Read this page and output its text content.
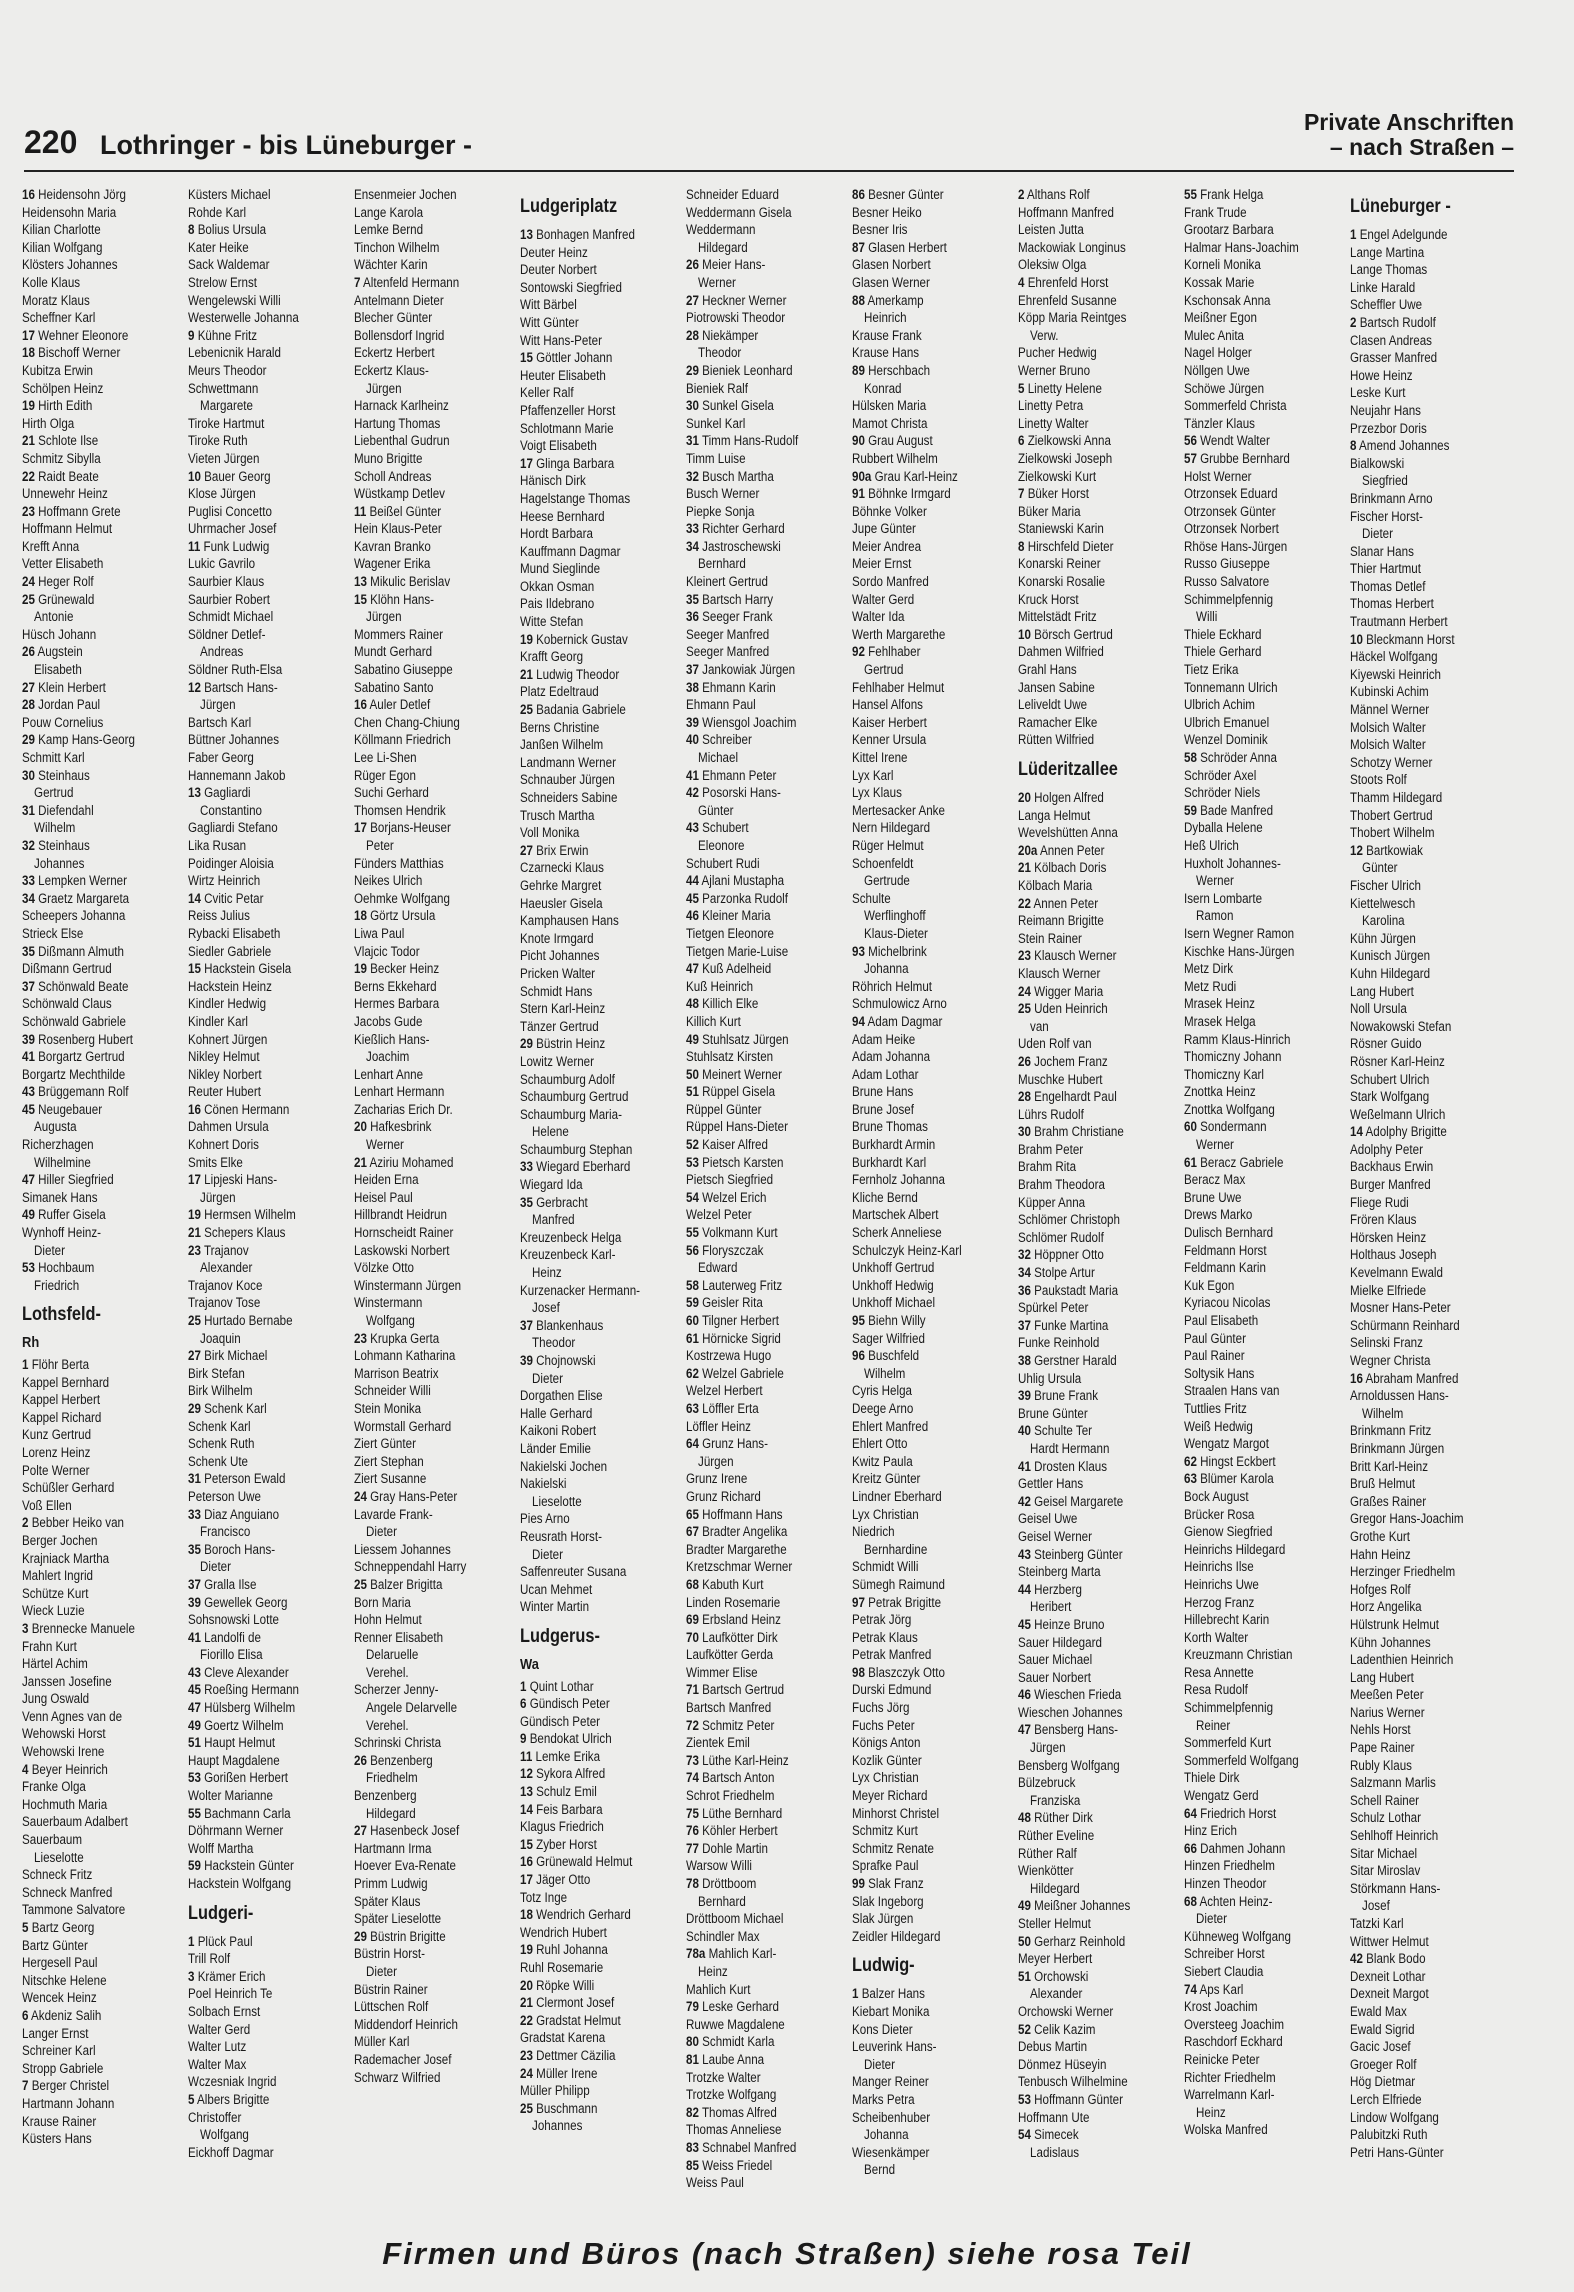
220 Lothringer - bis Lüneburger -
Private Anschriften
– nach Straßen –
16 Heidensohn Jörg
Heidensohn Maria
Kilian Charlotte
Kilian Wolfgang
Klösters Johannes
Kolle Klaus
Moratz Klaus
Scheffner Karl
17 Wehner Eleonore
18 Bischoff Werner
Kubitza Erwin
Schölpen Heinz
19 Hirth Edith
Hirth Olga
21 Schlote Ilse
Schmitz Sibylla
22 Raidt Beate
Unnewehr Heinz
23 Hoffmann Grete
Hoffmann Helmut
Krefft Anna
Vetter Elisabeth
24 Heger Rolf
25 Grünewald
Antonie
Hüsch Johann
26 Augstein
Elisabeth
27 Klein Herbert
28 Jordan Paul
Pouw Cornelius
29 Kamp Hans-Georg
Schmitt Karl
30 Steinhaus
Gertrud
31 Diefendahl
Wilhelm
32 Steinhaus
Johannes
33 Lempken Werner
34 Graetz Margareta
Scheepers Johanna
Strieck Else
35 Dißmann Almuth
Dißmann Gertrud
37 Schönwald Beate
Schönwald Claus
Schönwald Gabriele
39 Rosenberg Hubert
41 Borgartz Gertrud
Borgartz Mechthilde
43 Brüggemann Rolf
45 Neugebauer
Augusta
Richerzhagen
Wilhelmine
47 Hiller Siegfried
Simanek Hans
49 Ruffer Gisela
Wynhoff Heinz-
Dieter
53 Hochbaum
Friedrich
Lothsfeld-
Rh
1 Flöhr Berta
Kappel Bernhard
Kappel Herbert
Kappel Richard
Kunz Gertrud
Lorenz Heinz
Polte Werner
Schüßler Gerhard
Voß Ellen
2 Bebber Heiko van
Berger Jochen
Krajniack Martha
Mahlert Ingrid
Schütze Kurt
Wieck Luzie
3 Brennecke Manuele
Frahn Kurt
Härtel Achim
Janssen Josefine
Jung Oswald
Venn Agnes van de
Wehowski Horst
Wehowski Irene
4 Beyer Heinrich
Franke Olga
Hochmuth Maria
Sauerbaum Adalbert
Sauerbaum
Lieselotte
Schneck Fritz
Schneck Manfred
Tammone Salvatore
5 Bartz Georg
Bartz Günter
Hergesell Paul
Nitschke Helene
Wencek Heinz
6 Akdeniz Salih
Langer Ernst
Schreiner Karl
Stropp Gabriele
7 Berger Christel
Hartmann Johann
Krause Rainer
Küsters Hans
Küsters Michael
Rohde Karl
8 Bolius Ursula
Kater Heike
Sack Waldemar
Strelow Ernst
Wengelewski Willi
Westerwelle Johanna
9 Kühne Fritz
Lebenicnik Harald
Meurs Theodor
Schwettmann
Margarete
Tiroke Hartmut
Tiroke Ruth
Vieten Jürgen
10 Bauer Georg
Klose Jürgen
Puglisi Concetto
Uhrmacher Josef
11 Funk Ludwig
Lukic Gavrilo
Saurbier Klaus
Saurbier Robert
Schmidt Michael
Söldner Detlef-
Andreas
Söldner Ruth-Elsa
12 Bartsch Hans-
Jürgen
Bartsch Karl
Büttner Johannes
Faber Georg
Hannemann Jakob
13 Gagliardi
Constantino
Gagliardi Stefano
Lika Rusan
Poidinger Aloisia
Wirtz Heinrich
14 Cvitic Petar
Reiss Julius
Rybacki Elisabeth
Siedler Gabriele
15 Hackstein Gisela
Hackstein Heinz
Kindler Hedwig
Kindler Karl
Kohnert Jürgen
Nikley Helmut
Nikley Norbert
Reuter Hubert
16 Cönen Hermann
Dahmen Ursula
Kohnert Doris
Smits Elke
17 Lipjeski Hans-
Jürgen
19 Hermsen Wilhelm
21 Schepers Klaus
23 Trajanov
Alexander
Trajanov Koce
Trajanov Tose
25 Hurtado Bernabe
Joaquin
27 Birk Michael
Birk Stefan
Birk Wilhelm
29 Schenk Karl
Schenk Karl
Schenk Ruth
Schenk Ute
31 Peterson Ewald
Peterson Uwe
33 Diaz Anguiano
Francisco
35 Boroch Hans-
Dieter
37 Gralla Ilse
39 Gewellek Georg
Sohsnowski Lotte
41 Landolfi de
Fiorillo Elisa
43 Cleve Alexander
45 Roeßing Hermann
47 Hülsberg Wilhelm
49 Goertz Wilhelm
51 Haupt Helmut
Haupt Magdalene
53 Gorißen Herbert
Wolter Marianne
55 Bachmann Carla
Döhrmann Werner
Wolff Martha
59 Hackstein Günter
Hackstein Wolfgang
Ludgeri-
1 Plück Paul
Trill Rolf
3 Krämer Erich
Poel Heinrich Te
Solbach Ernst
Walter Gerd
Walter Lutz
Walter Max
Wczesniak Ingrid
5 Albers Brigitte
Christoffer
Wolfgang
Eickhoff Dagmar
Ensenmeier Jochen
Lange Karola
Lemke Bernd
Tinchon Wilhelm
Wächter Karin
7 Altenfeld Hermann
Antelmann Dieter
Blecher Günter
Bollensdorf Ingrid
Eckertz Herbert
Eckertz Klaus-
Jürgen
Harnack Karlheinz
Hartung Thomas
Liebenthal Gudrun
Muno Brigitte
Scholl Andreas
Wüstkamp Detlev
11 Beißel Günter
Hein Klaus-Peter
Kavran Branko
Wagener Erika
13 Mikulic Berislav
15 Klöhn Hans-
Jürgen
Mommers Rainer
Mundt Gerhard
Sabatino Giuseppe
Sabatino Santo
16 Auler Detlef
Chen Chang-Chiung
Köllmann Friedrich
Lee Li-Shen
Rüger Egon
Suchi Gerhard
Thomsen Hendrik
17 Borjans-Heuser
Peter
Fünders Matthias
Neikes Ulrich
Oehmke Wolfgang
18 Görtz Ursula
Liwa Paul
Vlajcic Todor
19 Becker Heinz
Berns Ekkehard
Hermes Barbara
Jacobs Gude
Kießlich Hans-
Joachim
Lenhart Anne
Lenhart Hermann
Zacharias Erich Dr.
20 Hafkesbrink
Werner
21 Aziriu Mohamed
Heiden Erna
Heisel Paul
Hillbrandt Heidrun
Hornscheidt Rainer
Laskowski Norbert
Völzke Otto
Winstermann Jürgen
Winstermann
Wolfgang
23 Krupka Gerta
Lohmann Katharina
Marrison Beatrix
Schneider Willi
Stein Monika
Wormstall Gerhard
Ziert Günter
Ziert Stephan
Ziert Susanne
24 Gray Hans-Peter
Lavarde Frank-
Dieter
Liessem Johannes
Schneppendahl Harry
25 Balzer Brigitta
Born Maria
Hohn Helmut
Renner Elisabeth
Delaruelle
Verehel.
Scherzer Jenny-
Angele Delarvelle
Verehel.
Schrinski Christa
26 Benzenberg
Friedhelm
Benzenberg
Hildegard
27 Hasenbeck Josef
Hartmann Irma
Hoever Eva-Renate
Primm Ludwig
Später Klaus
Später Lieselotte
29 Büstrin Brigitte
Büstrin Horst-
Dieter
Büstrin Rainer
Lüttschen Rolf
Middendorf Heinrich
Müller Karl
Rademacher Josef
Schwarz Wilfried
Ludgeriplatz
13 Bonhagen Manfred
Deuter Heinz
Deuter Norbert
Sontowski Siegfried
Witt Bärbel
Witt Günter
Witt Hans-Peter
15 Göttler Johann
Heuter Elisabeth
Keller Ralf
Pfaffenzeller Horst
Schlotmann Marie
Voigt Elisabeth
17 Glinga Barbara
Hänisch Dirk
Hagelstange Thomas
Heese Bernhard
Hordt Barbara
Kauffmann Dagmar
Mund Sieglinde
Okkan Osman
Pais Ildebrano
Witte Stefan
19 Kobernick Gustav
Krafft Georg
21 Ludwig Theodor
Platz Edeltraud
25 Badania Gabriele
Berns Christine
Janßen Wilhelm
Landmann Werner
Schnauber Jürgen
Schneiders Sabine
Trusch Martha
Voll Monika
27 Brix Erwin
Czarnecki Klaus
Gehrke Margret
Haeusler Gisela
Kamphausen Hans
Knote Irmgard
Picht Johannes
Pricken Walter
Schmidt Hans
Stern Karl-Heinz
Tänzer Gertrud
29 Büstrin Heinz
Lowitz Werner
Schaumburg Adolf
Schaumburg Gertrud
Schaumburg Maria-
Helene
Schaumburg Stephan
33 Wiegard Eberhard
Wiegard Ida
35 Gerbracht
Manfred
Kreuzenbeck Helga
Kreuzenbeck Karl-
Heinz
Kurzenacker Hermann-
Josef
37 Blankenhaus
Theodor
39 Chojnowski
Dieter
Dorgathen Elise
Halle Gerhard
Kaikoni Robert
Länder Emilie
Nakielski Jochen
Nakielski
Lieselotte
Pies Arno
Reusrath Horst-
Dieter
Saffenreuter Susana
Ucan Mehmet
Winter Martin
Ludgerus-
Wa
1 Quint Lothar
6 Gündisch Peter
Gündisch Peter
9 Bendokat Ulrich
11 Lemke Erika
12 Sykora Alfred
13 Schulz Emil
14 Feis Barbara
Klagus Friedrich
15 Zyber Horst
16 Grünewald Helmut
17 Jäger Otto
Totz Inge
18 Wendrich Gerhard
Wendrich Hubert
19 Ruhl Johanna
Ruhl Rosemarie
20 Röpke Willi
21 Clermont Josef
22 Gradstat Helmut
Gradstat Karena
23 Dettmer Cäzilia
24 Müller Irene
Müller Philipp
25 Buschmann
Johannes
Schneider Eduard
Weddermann Gisela
Weddermann
Hildegard
26 Meier Hans-
Werner
27 Heckner Werner
Piotrowski Theodor
28 Niekämper
Theodor
29 Bieniek Leonhard
Bieniek Ralf
30 Sunkel Gisela
Sunkel Karl
31 Timm Hans-Rudolf
Timm Luise
32 Busch Martha
Busch Werner
Piepke Sonja
33 Richter Gerhard
34 Jastroschewski
Bernhard
Kleinert Gertrud
35 Bartsch Harry
36 Seeger Frank
Seeger Manfred
Seeger Manfred
37 Jankowiak Jürgen
38 Ehmann Karin
Ehmann Paul
39 Wiensgol Joachim
40 Schreiber
Michael
41 Ehmann Peter
42 Posorski Hans-
Günter
43 Schubert
Eleonore
Schubert Rudi
44 Ajlani Mustapha
45 Parzonka Rudolf
46 Kleiner Maria
Tietgen Eleonore
Tietgen Marie-Luise
47 Kuß Adelheid
Kuß Heinrich
48 Killich Elke
Killich Kurt
49 Stuhlsatz Jürgen
Stuhlsatz Kirsten
50 Meinert Werner
51 Rüppel Gisela
Rüppel Günter
Rüppel Hans-Dieter
52 Kaiser Alfred
53 Pietsch Karsten
Pietsch Siegfried
54 Welzel Erich
Welzel Peter
55 Volkmann Kurt
56 Floryszczak
Edward
58 Lauterweg Fritz
59 Geisler Rita
60 Tilgner Herbert
61 Hörnicke Sigrid
Kostrzewa Hugo
62 Welzel Gabriele
Welzel Herbert
63 Löffler Erta
Löffler Heinz
64 Grunz Hans-
Jürgen
Grunz Irene
Grunz Richard
65 Hoffmann Hans
67 Bradter Angelika
Bradter Margarethe
Kretzschmar Werner
68 Kabuth Kurt
Linden Rosemarie
69 Erbsland Heinz
70 Laufkötter Dirk
Laufkötter Gerda
Wimmer Elise
71 Bartsch Gertrud
Bartsch Manfred
72 Schmitz Peter
Zientek Emil
73 Lüthe Karl-Heinz
74 Bartsch Anton
Schrot Friedhelm
75 Lüthe Bernhard
76 Köhler Herbert
77 Dohle Martin
Warsow Willi
78 Dröttboom
Bernhard
Dröttboom Michael
Schindler Max
78a Mahlich Karl-
Heinz
Mahlich Kurt
79 Leske Gerhard
Ruwwe Magdalene
80 Schmidt Karla
81 Laube Anna
Trotzke Walter
Trotzke Wolfgang
82 Thomas Alfred
Thomas Anneliese
83 Schnabel Manfred
85 Weiss Friedel
Weiss Paul
86 Besner Günter
Besner Heiko
Besner Iris
87 Glasen Herbert
Glasen Norbert
Glasen Werner
88 Amerkamp
Heinrich
Krause Frank
Krause Hans
89 Herschbach
Konrad
Hülsken Maria
Mamot Christa
90 Grau August
Rubbert Wilhelm
90a Grau Karl-Heinz
91 Böhnke Irmgard
Böhnke Volker
Jupe Günter
Meier Andrea
Meier Ernst
Sordo Manfred
Walter Gerd
Walter Ida
Werth Margarethe
92 Fehlhaber
Gertrud
Fehlhaber Helmut
Hansel Alfons
Kaiser Herbert
Kenner Ursula
Kittel Irene
Lyx Karl
Lyx Klaus
Mertesacker Anke
Nern Hildegard
Rüger Helmut
Schoenfeldt
Gertrude
Schulte
Werflinghoff
Klaus-Dieter
93 Michelbrink
Johanna
Röhrich Helmut
Schmulowicz Arno
94 Adam Dagmar
Adam Heike
Adam Johanna
Adam Lothar
Brune Hans
Brune Josef
Brune Thomas
Burkhardt Armin
Burkhardt Karl
Fernholz Johanna
Kliche Bernd
Martschek Albert
Scherk Anneliese
Schulczyk Heinz-Karl
Unkhoff Gertrud
Unkhoff Hedwig
Unkhoff Michael
95 Biehn Willy
Sager Wilfried
96 Buschfeld
Wilhelm
Cyris Helga
Deege Arno
Ehlert Manfred
Ehlert Otto
Kwitz Paula
Kreitz Günter
Lindner Eberhard
Lyx Christian
Niedrich
Bernhardine
Schmidt Willi
Sümegh Raimund
97 Petrak Brigitte
Petrak Jörg
Petrak Klaus
Petrak Manfred
98 Blaszczyk Otto
Durski Edmund
Fuchs Jörg
Fuchs Peter
Königs Anton
Kozlik Günter
Lyx Christian
Meyer Richard
Minhorst Christel
Schmitz Kurt
Schmitz Renate
Sprafke Paul
99 Slak Franz
Slak Ingeborg
Slak Jürgen
Zeidler Hildegard
Ludwig-
1 Balzer Hans
Kiebart Monika
Kons Dieter
Leuverink Hans-
Dieter
Manger Reiner
Marks Petra
Scheibenhuber
Johanna
Wiesenkämper
Bernd
2 Althans Rolf
Hoffmann Manfred
Leisten Jutta
Mackowiak Longinus
Oleksiw Olga
4 Ehrenfeld Horst
Ehrenfeld Susanne
Köpp Maria Reintges
Verw.
Pucher Hedwig
Werner Bruno
5 Linetty Helene
Linetty Petra
Linetty Walter
6 Zielkowski Anna
Zielkowski Joseph
Zielkowski Kurt
7 Büker Horst
Büker Maria
Staniewski Karin
8 Hirschfeld Dieter
Konarski Reiner
Konarski Rosalie
Kruck Horst
Mittelstädt Fritz
10 Börsch Gertrud
Dahmen Wilfried
Grahl Hans
Jansen Sabine
Leliveldt Uwe
Ramacher Elke
Rütten Wilfried
Lüderitzallee
20 Holgen Alfred
Langa Helmut
Wevelshütten Anna
20a Annen Peter
21 Kölbach Doris
Kölbach Maria
22 Annen Peter
Reimann Brigitte
Stein Rainer
23 Klausch Werner
Klausch Werner
24 Wigger Maria
25 Uden Heinrich
van
Uden Rolf van
26 Jochem Franz
Muschke Hubert
28 Engelhardt Paul
Lührs Rudolf
30 Brahm Christiane
Brahm Peter
Brahm Rita
Brahm Theodora
Küpper Anna
Schlömer Christoph
Schlömer Rudolf
32 Höppner Otto
34 Stolpe Artur
36 Paukstadt Maria
Spürkel Peter
37 Funke Martina
Funke Reinhold
38 Gerstner Harald
Uhlig Ursula
39 Brune Frank
Brune Günter
40 Schulte Ter
Hardt Hermann
41 Drosten Klaus
Gettler Hans
42 Geisel Margarete
Geisel Uwe
Geisel Werner
43 Steinberg Günter
Steinberg Marta
44 Herzberg
Heribert
45 Heinze Bruno
Sauer Hildegard
Sauer Michael
Sauer Norbert
46 Wieschen Frieda
Wieschen Johannes
47 Bensberg Hans-
Jürgen
Bensberg Wolfgang
Bülzebruck
Franziska
48 Rüther Dirk
Rüther Eveline
Rüther Ralf
Wienkötter
Hildegard
49 Meißner Johannes
Steller Helmut
50 Gerharz Reinhold
Meyer Herbert
51 Orchowski
Alexander
Orchowski Werner
52 Celik Kazim
Debus Martin
Dönmez Hüseyin
Tenbusch Wilhelmine
53 Hoffmann Günter
Hoffmann Ute
54 Simecek
Ladislaus
55 Frank Helga
Frank Trude
Grootarz Barbara
Halmar Hans-Joachim
Korneli Monika
Kossak Marie
Kschonsak Anna
Meißner Egon
Mulec Anita
Nagel Holger
Nöllgen Uwe
Schöwe Jürgen
Sommerfeld Christa
Tänzler Klaus
56 Wendt Walter
57 Grubbe Bernhard
Holst Werner
Otrzonsek Eduard
Otrzonsek Günter
Otrzonsek Norbert
Rhöse Hans-Jürgen
Russo Giuseppe
Russo Salvatore
Schimmelpfennig
Willi
Thiele Eckhard
Thiele Gerhard
Tietz Erika
Tonnemann Ulrich
Ulbrich Achim
Ulbrich Emanuel
Wenzel Dominik
58 Schröder Anna
Schröder Axel
Schröder Niels
59 Bade Manfred
Dyballa Helene
Heß Ulrich
Huxholt Johannes-
Werner
Isern Lombarte
Ramon
Isern Wegner Ramon
Kischke Hans-Jürgen
Metz Dirk
Metz Rudi
Mrasek Heinz
Mrasek Helga
Ramm Klaus-Hinrich
Thomiczny Johann
Thomiczny Karl
Znottka Heinz
Znottka Wolfgang
60 Sondermann
Werner
61 Beracz Gabriele
Beracz Max
Brune Uwe
Drews Marko
Dulisch Bernhard
Feldmann Horst
Feldmann Karin
Kuk Egon
Kyriacou Nicolas
Paul Elisabeth
Paul Günter
Paul Rainer
Soltysik Hans
Straalen Hans van
Tuttlies Fritz
Weiß Hedwig
Wengatz Margot
62 Hingst Eckbert
63 Blümer Karola
Bock August
Brücker Rosa
Gienow Siegfried
Heinrichs Hildegard
Heinrichs Ilse
Heinrichs Uwe
Herzog Franz
Hillebrecht Karin
Korth Walter
Kreuzmann Christian
Resa Annette
Resa Rudolf
Schimmelpfennig
Reiner
Sommerfeld Kurt
Sommerfeld Wolfgang
Thiele Dirk
Wengatz Gerd
64 Friedrich Horst
Hinz Erich
66 Dahmen Johann
Hinzen Friedhelm
Hinzen Theodor
68 Achten Heinz-
Dieter
Kühneweg Wolfgang
Schreiber Horst
Siebert Claudia
74 Aps Karl
Krost Joachim
Oversteeg Joachim
Raschdorf Eckhard
Reinicke Peter
Richter Friedhelm
Warrelmann Karl-
Heinz
Wolska Manfred
Lüneburger -
1 Engel Adelgunde
Lange Martina
Lange Thomas
Linke Harald
Scheffler Uwe
2 Bartsch Rudolf
Clasen Andreas
Grasser Manfred
Howe Heinz
Leske Kurt
Neujahr Hans
Przezbor Doris
8 Amend Johannes
Bialkowski
Siegfried
Brinkmann Arno
Fischer Horst-
Dieter
Slanar Hans
Thier Hartmut
Thomas Detlef
Thomas Herbert
Trautmann Herbert
10 Bleckmann Horst
Häckel Wolfgang
Kiyewski Heinrich
Kubinski Achim
Männel Werner
Molsich Walter
Molsich Walter
Schotzy Werner
Stoots Rolf
Thamm Hildegard
Thobert Gertrud
Thobert Wilhelm
12 Bartkowiak
Günter
Fischer Ulrich
Kiettelwesch
Karolina
Kühn Jürgen
Kunisch Jürgen
Kuhn Hildegard
Lang Hubert
Noll Ursula
Nowakowski Stefan
Rösner Guido
Rösner Karl-Heinz
Schubert Ulrich
Stark Wolfgang
Weßelmann Ulrich
14 Adolphy Brigitte
Adolphy Peter
Backhaus Erwin
Burger Manfred
Fliege Rudi
Frören Klaus
Hörsken Heinz
Holthaus Joseph
Kevelmann Ewald
Mielke Elfriede
Mosner Hans-Peter
Schürmann Reinhard
Selinski Franz
Wegner Christa
16 Abraham Manfred
Arnoldussen Hans-
Wilhelm
Brinkmann Fritz
Brinkmann Jürgen
Britt Karl-Heinz
Bruß Helmut
Graßes Rainer
Gregor Hans-Joachim
Grothe Kurt
Hahn Heinz
Herzinger Friedhelm
Hofges Rolf
Horz Angelika
Hülstrunk Helmut
Kühn Johannes
Ladenthien Heinrich
Lang Hubert
Meeßen Peter
Narius Werner
Nehls Horst
Pape Rainer
Rubly Klaus
Salzmann Marlis
Schell Rainer
Schulz Lothar
Sehlhoff Heinrich
Sitar Michael
Sitar Miroslav
Störkmann Hans-
Josef
Tatzki Karl
Wittwer Helmut
42 Blank Bodo
Dexneit Lothar
Dexneit Margot
Ewald Max
Ewald Sigrid
Gacic Josef
Groeger Rolf
Hög Dietmar
Lerch Elfriede
Lindow Wolfgang
Palubitzki Ruth
Petri Hans-Günter
Firmen und Büros (nach Straßen) siehe rosa Teil
